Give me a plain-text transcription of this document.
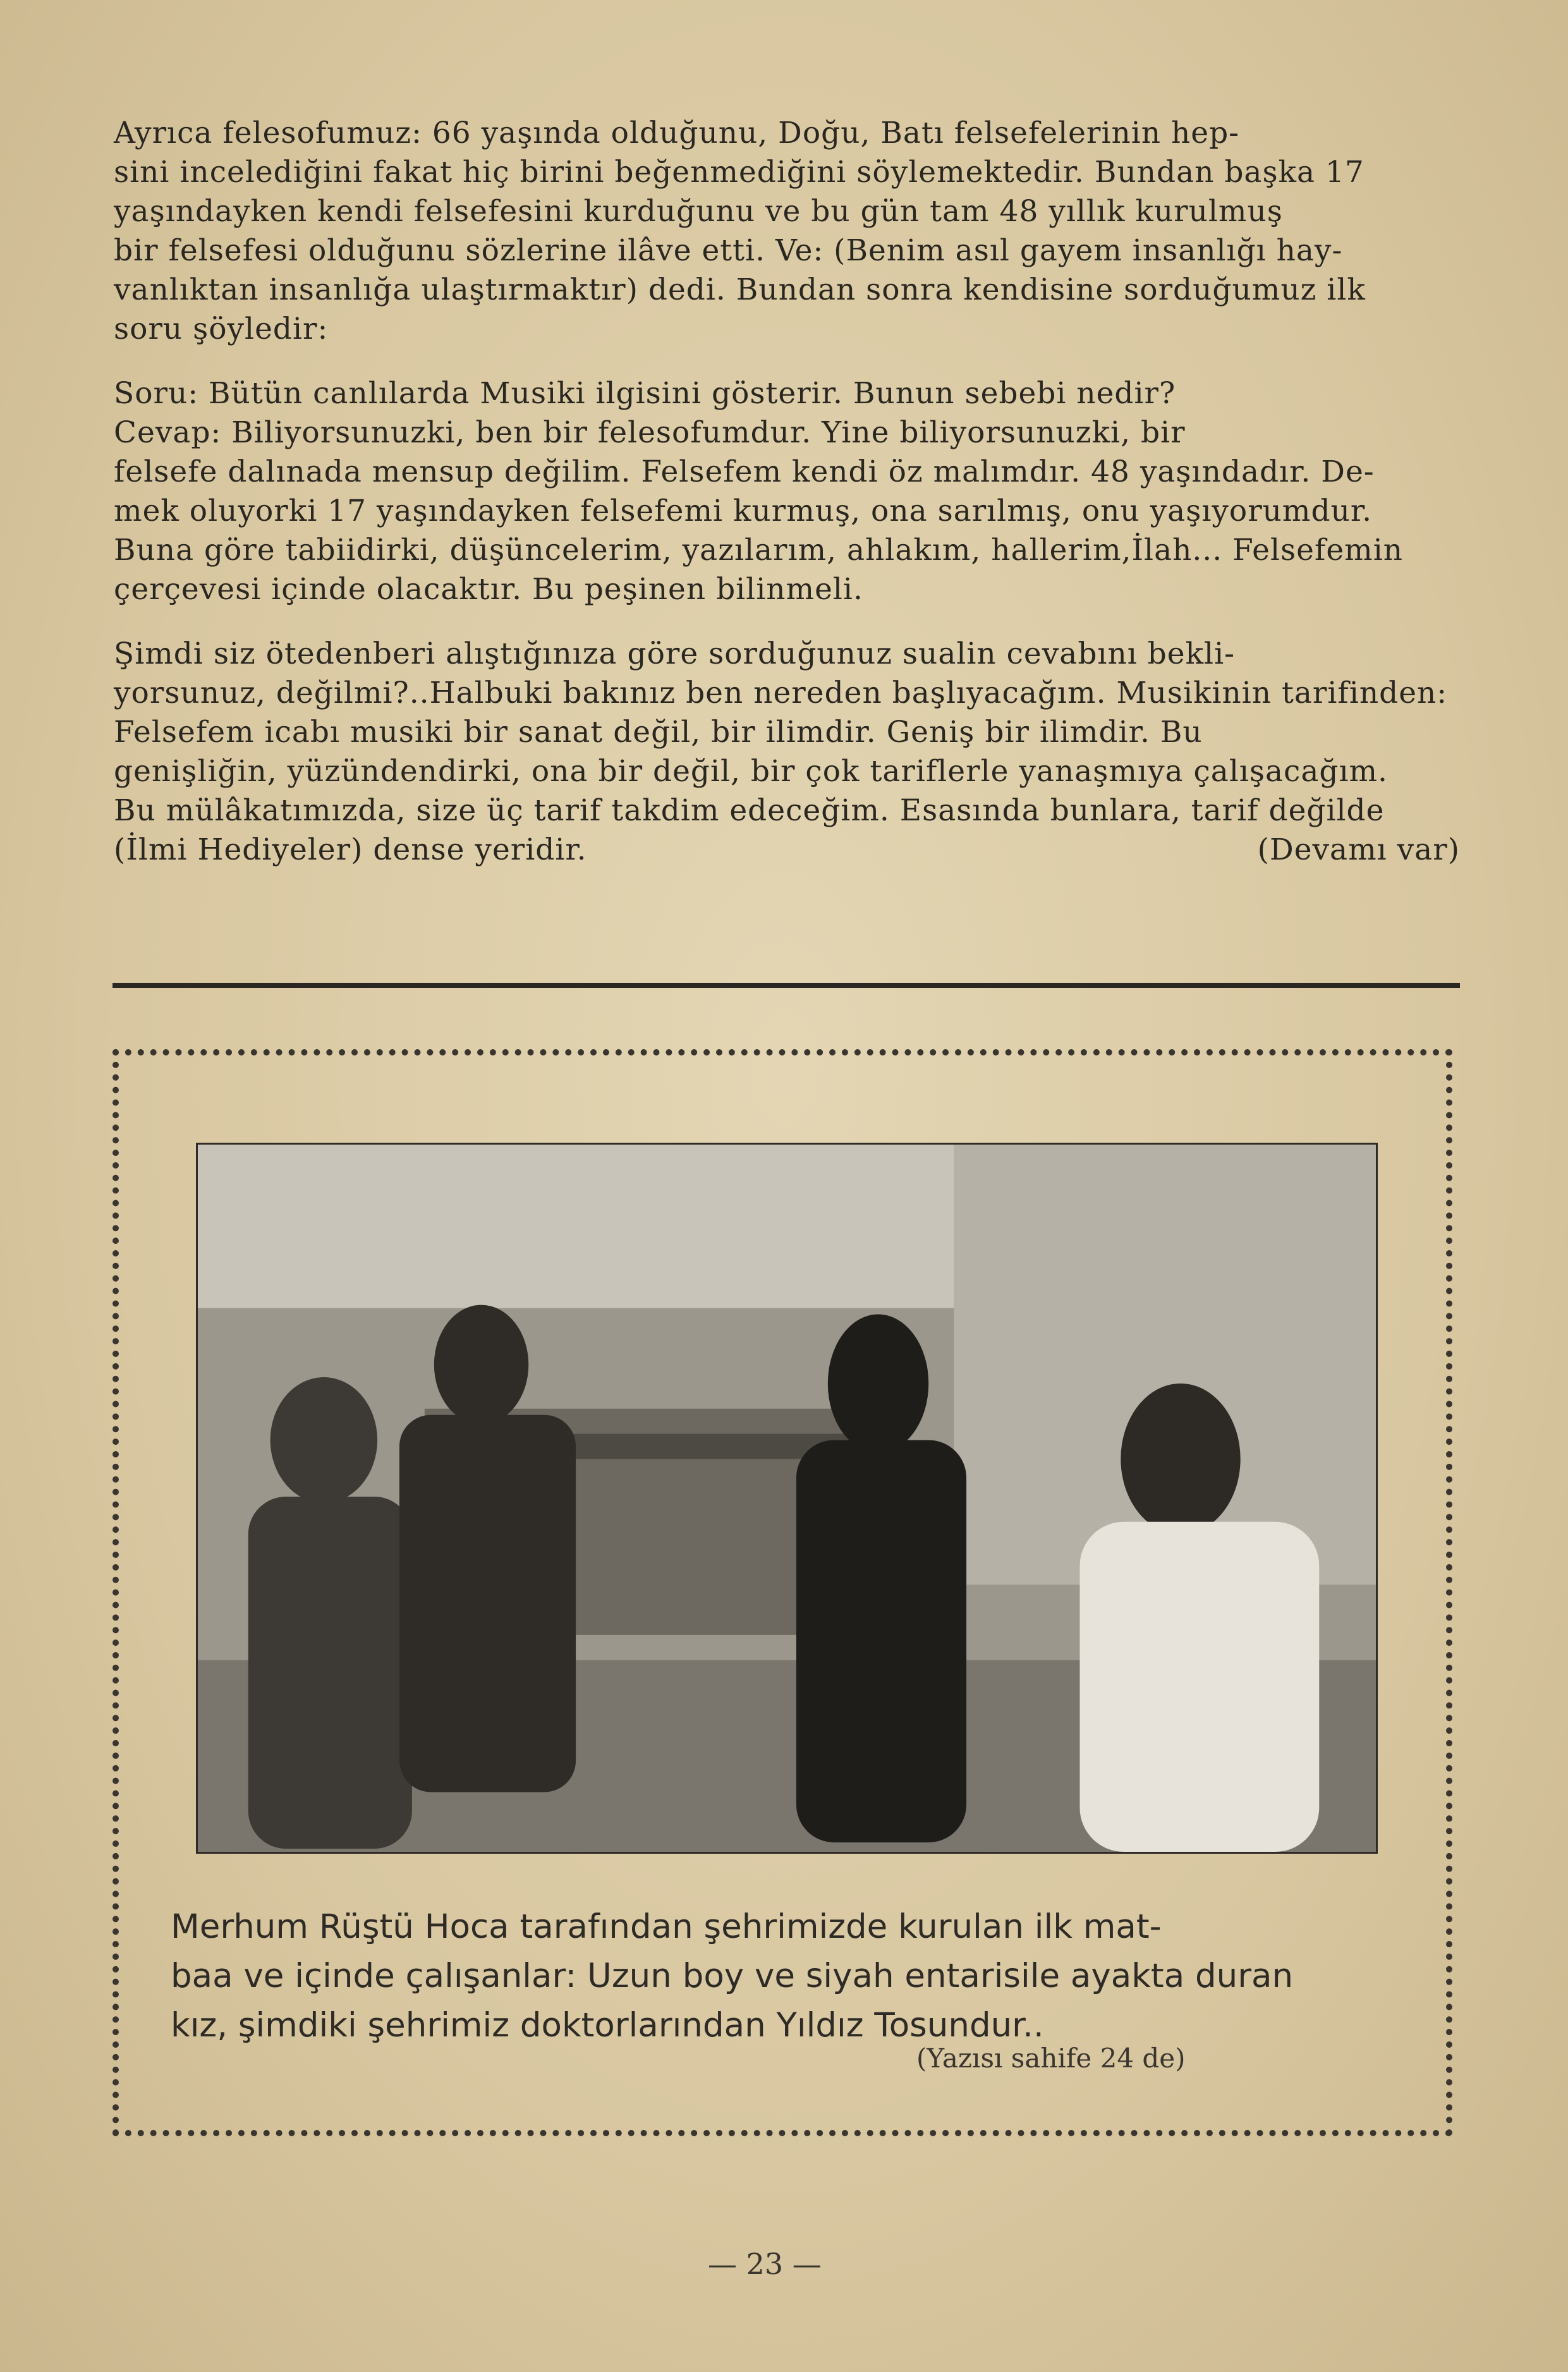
Ayrıca felesofumuz: 66 yaşında olduğunu, Doğu, Batı felsefelerinin hep-
sini incelediğini fakat hiç birini beğenmediğini söylemektedir. Bundan başka 17
yaşındayken kendi felsefesini kurduğunu ve bu gün tam 48 yıllık kurulmuş
bir felsefesi olduğunu sözlerine ilâve etti. Ve: (Benim asıl gayem insanlığı hay-
vanlıktan insanlığa ulaştırmaktır) dedi. Bundan sonra kendisine sorduğumuz ilk
soru şöyledir:

Soru: Bütün canlılarda Musiki ilgisini gösterir. Bunun sebebi nedir?
Cevap: Biliyorsunuzki, ben bir felesofumdur. Yine biliyorsunuzki, bir
felsefe dalınada mensup değilim. Felsefem kendi öz malımdır. 48 yaşındadır. De-
mek oluyorki 17 yaşındayken felsefemi kurmuş, ona sarılmış, onu yaşıyorumdur.
Buna göre tabiidirki, düşüncelerim, yazılarım, ahlakım, hallerim,İlah... Felsefemin
çerçevesi içinde olacaktır. Bu peşinen bilinmeli.

Şimdi siz ötedenberi alıştığınıza göre sorduğunuz sualin cevabını bekli-
yorsunuz, değilmi?..Halbuki bakınız ben nereden başlıyacağım. Musikinin tarifinden:
Felsefem icabı musiki bir sanat değil, bir ilimdir. Geniş bir ilimdir. Bu
genişliğin, yüzündendirki, ona bir değil, bir çok tariflerle yanaşmıya çalışacağım.
Bu mülâkatımızda, size üç tarif takdim edeceğim. Esasında bunlara, tarif değilde
(İlmi Hediyeler) dense yeridir.	(Devamı var)
Merhum Rüştü Hoca tarafından şehrimizde kurulan ilk mat-
baa ve içinde çalışanlar: Uzun boy ve siyah entarisile ayakta duran
kız, şimdiki şehrimiz doktorlarından Yıldız Tosundur..
(Yazısı sahife 24 de)
— 23 —
